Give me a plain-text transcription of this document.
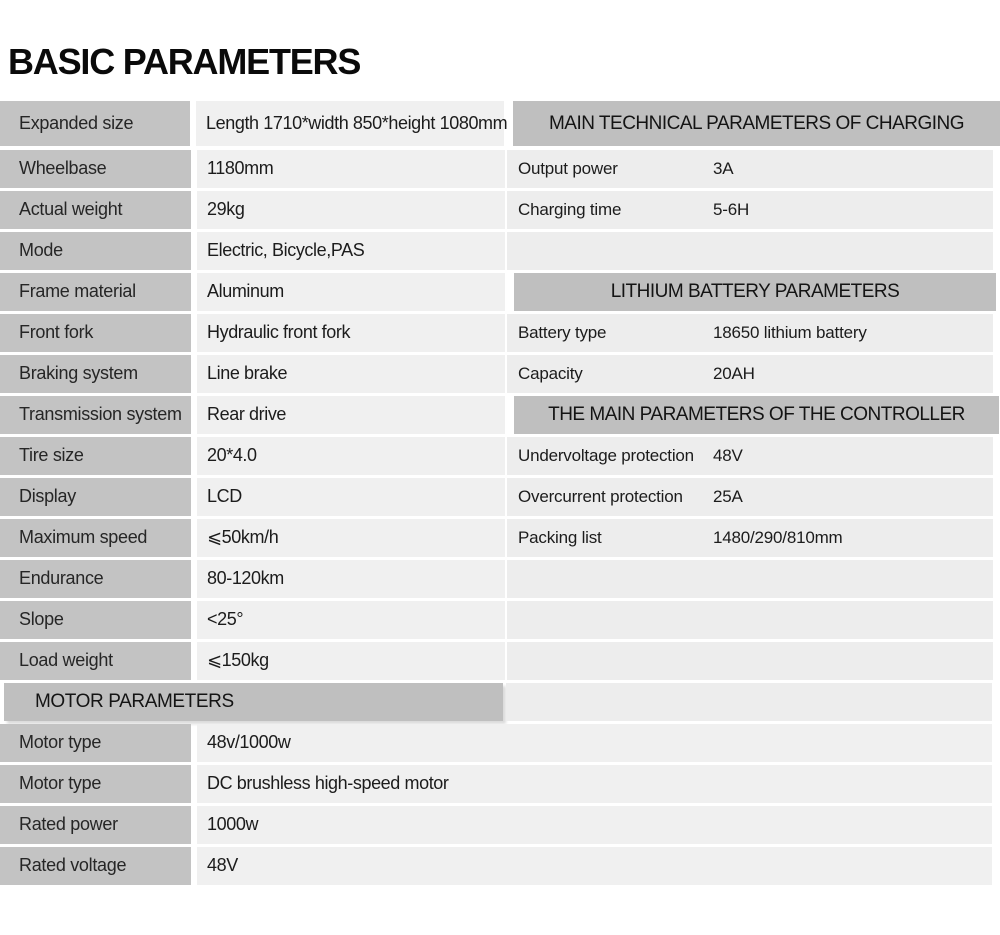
BASIC PARAMETERS
Expanded size	Length 1710*width 850*height 1080mm	MAIN TECHNICAL PARAMETERS OF CHARGING
Wheelbase	1180mm	Output power	3A
Actual weight	29kg	Charging time	5-6H
Mode	Electric, Bicycle,PAS
Frame material	Aluminum	LITHIUM BATTERY PARAMETERS
Front fork	Hydraulic front fork	Battery type	18650 lithium battery
Braking system	Line brake	Capacity	20AH
Transmission system	Rear drive	THE MAIN PARAMETERS OF THE CONTROLLER
Tire size	20*4.0	Undervoltage protection	48V
Display	LCD	Overcurrent protection	25A
Maximum speed	⩽50km/h	Packing list	1480/290/810mm
Endurance	80-120km
Slope	<25°
Load weight	⩽150kg
MOTOR PARAMETERS
Motor type	48v/1000w
Motor type	DC brushless high-speed motor
Rated power	1000w
Rated voltage	48V
